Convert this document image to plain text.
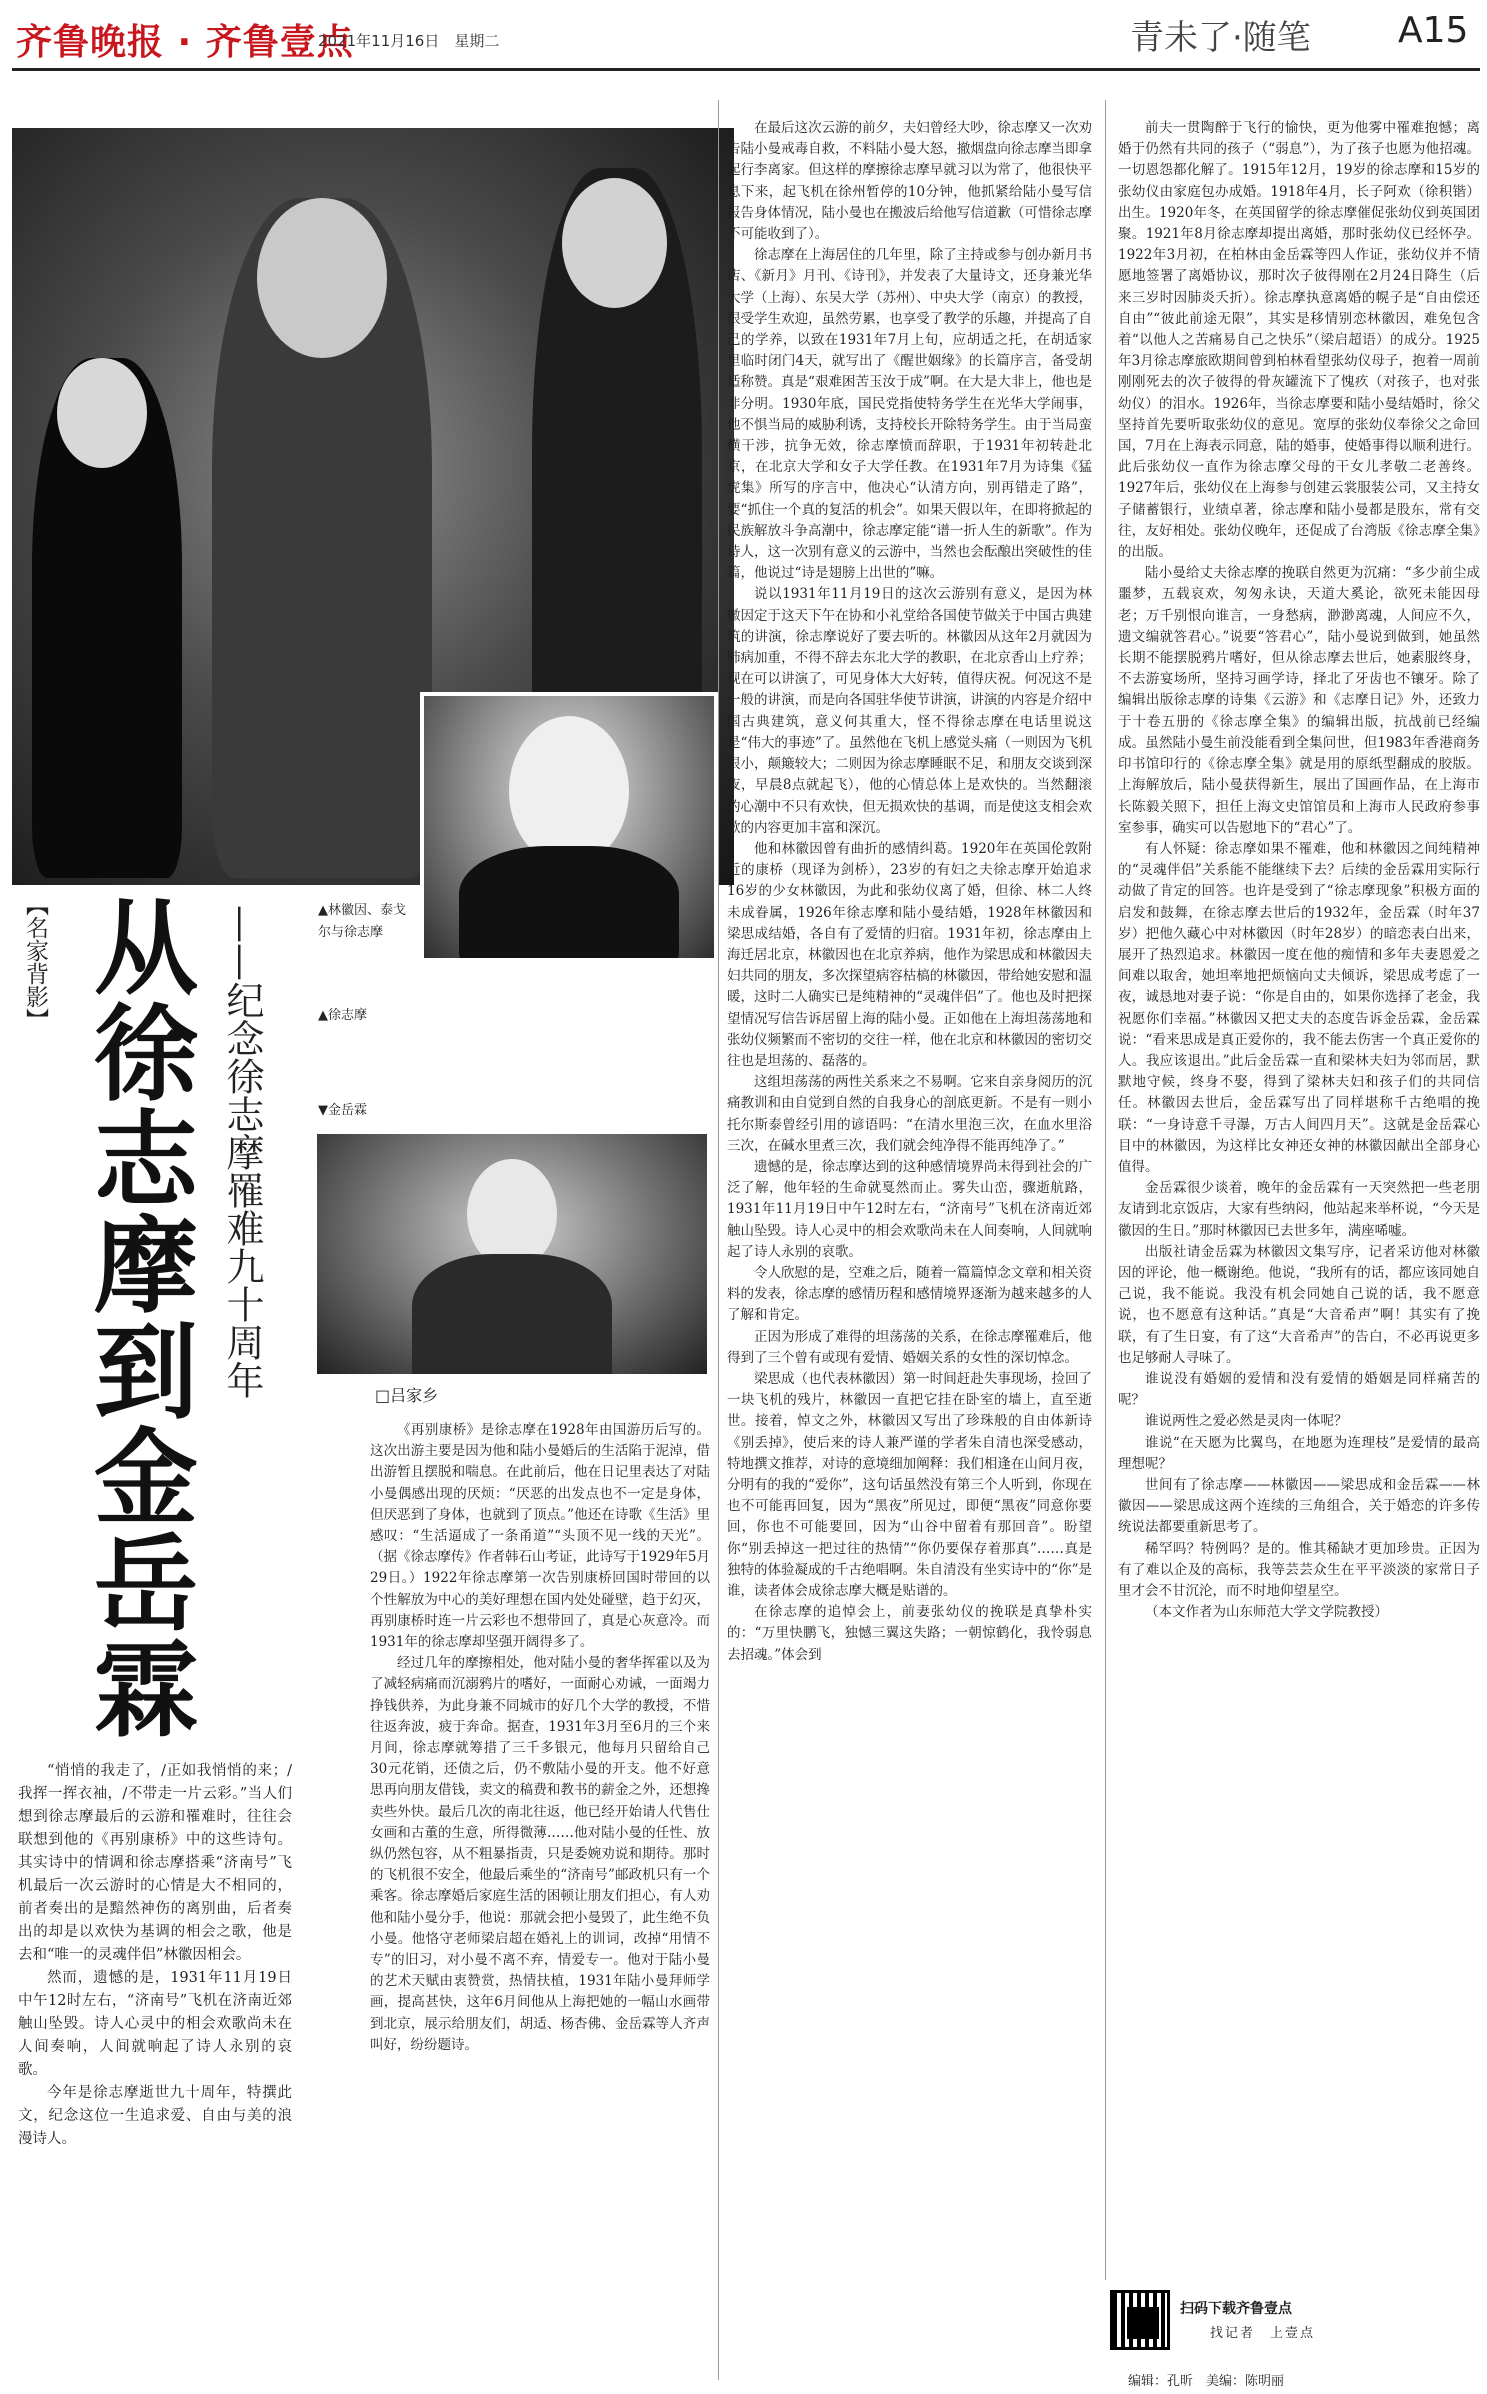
齐鲁晚报 · 齐鲁壹点
2021年11月16日　星期二	青未了·随笔 A15
▲林徽因、泰戈尔与徐志摩
▲徐志摩
▼金岳霖
【名家背影】 从徐志摩到金岳霖 ——纪念徐志摩罹难九十周年	□吕家乡

“悄悄的我走了，/正如我悄悄的来；/我挥一挥衣袖，/不带走一片云彩。”当人们想到徐志摩最后的云游和罹难时，往往会联想到他的《再别康桥》中的这些诗句。其实诗中的情调和徐志摩搭乘“济南号”飞机最后一次云游时的心情是大不相同的，前者奏出的是黯然神伤的离别曲，后者奏出的却是以欢快为基调的相会之歌，他是去和“唯一的灵魂伴侣”林徽因相会。

然而，遗憾的是，1931年11月19日中午12时左右，“济南号”飞机在济南近郊触山坠毁。诗人心灵中的相会欢歌尚未在人间奏响，人间就响起了诗人永别的哀歌。

今年是徐志摩逝世九十周年，特撰此文，纪念这位一生追求爱、自由与美的浪漫诗人。

《再别康桥》是徐志摩在1928年由国游历后写的。这次出游主要是因为他和陆小曼婚后的生活陷于泥淖，借出游暂且摆脱和喘息。在此前后，他在日记里表达了对陆小曼偶感出现的厌烦：“厌恶的出发点也不一定是身体，但厌恶到了身体，也就到了顶点。”他还在诗歌《生活》里感叹：“生活逼成了一条甬道”“头顶不见一线的天光”。（据《徐志摩传》作者韩石山考证，此诗写于1929年5月29日。）1922年徐志摩第一次告别康桥回国时带回的以个性解放为中心的美好理想在国内处处碰壁，趋于幻灭，再别康桥时连一片云彩也不想带回了，真是心灰意冷。而1931年的徐志摩却坚强开阔得多了。

经过几年的摩擦相处，他对陆小曼的奢华挥霍以及为了减轻病痛而沉溺鸦片的嗜好，一面耐心劝诫，一面竭力挣钱供养，为此身兼不同城市的好几个大学的教授，不惜往返奔波，疲于奔命。据查，1931年3月至6月的三个来月间，徐志摩就筹措了三千多银元，他每月只留给自己30元花销，还债之后，仍不敷陆小曼的开支。他不好意思再向朋友借钱，卖文的稿费和教书的薪金之外，还想搀卖些外快。最后几次的南北往返，他已经开始请人代售仕女画和古董的生意，所得微薄……他对陆小曼的任性、放纵仍然包容，从不粗暴指责，只是委婉劝说和期待。那时的飞机很不安全，他最后乘坐的“济南号”邮政机只有一个乘客。徐志摩婚后家庭生活的困顿让朋友们担心，有人劝他和陆小曼分手，他说：那就会把小曼毁了，此生绝不负小曼。他恪守老师梁启超在婚礼上的训词，改掉“用情不专”的旧习，对小曼不离不弃，情爱专一。他对于陆小曼的艺术天赋由衷赞赏，热情扶植，1931年陆小曼拜师学画，提高甚快，这年6月间他从上海把她的一幅山水画带到北京，展示给朋友们，胡适、杨杏佛、金岳霖等人齐声叫好，纷纷题诗。

在最后这次云游的前夕，夫妇曾经大吵，徐志摩又一次劝告陆小曼戒毒自救，不料陆小曼大怒，撤烟盘向徐志摩当即拿起行李离家。但这样的摩擦徐志摩早就习以为常了，他很快平息下来，起飞机在徐州暂停的10分钟，他抓紧给陆小曼写信报告身体情况，陆小曼也在搬波后给他写信道歉（可惜徐志摩不可能收到了）。

徐志摩在上海居住的几年里，除了主持或参与创办新月书店、《新月》月刊、《诗刊》，并发表了大量诗文，还身兼光华大学（上海）、东吴大学（苏州）、中央大学（南京）的教授，很受学生欢迎，虽然劳累，也享受了教学的乐趣，并提高了自己的学养，以致在1931年7月上旬，应胡适之托，在胡适家里临时闭门4天，就写出了《醒世姻缘》的长篇序言，备受胡适称赞。真是“艰难困苦玉汝于成”啊。在大是大非上，他也是非分明。1930年底，国民党指使特务学生在光华大学闹事，他不惧当局的威胁利诱，支持校长开除特务学生。由于当局蛮横干涉，抗争无效，徐志摩愤而辞职，于1931年初转赴北京，在北京大学和女子大学任教。在1931年7月为诗集《猛虎集》所写的序言中，他决心“认清方向，别再错走了路”，要“抓住一个真的复活的机会”。如果天假以年，在即将掀起的民族解放斗争高潮中，徐志摩定能“谱一折人生的新歌”。作为诗人，这一次别有意义的云游中，当然也会酝酿出突破性的佳篇，他说过“诗是翅膀上出世的”嘛。

说以1931年11月19日的这次云游别有意义，是因为林徽因定于这天下午在协和小礼堂给各国使节做关于中国古典建筑的讲演，徐志摩说好了要去听的。林徽因从这年2月就因为肺病加重，不得不辞去东北大学的教职，在北京香山上疗养；现在可以讲演了，可见身体大大好转，值得庆祝。何况这不是一般的讲演，而是向各国驻华使节讲演，讲演的内容是介绍中国古典建筑，意义何其重大，怪不得徐志摩在电话里说这是“伟大的事迹”了。虽然他在飞机上感觉头痛（一则因为飞机很小，颠簸较大；二则因为徐志摩睡眠不足，和朋友交谈到深夜，早晨8点就起飞），他的心情总体上是欢快的。当然翻滚的心潮中不只有欢快，但无损欢快的基调，而是使这支相会欢歌的内容更加丰富和深沉。

他和林徽因曾有曲折的感情纠葛。1920年在英国伦敦附近的康桥（现译为剑桥），23岁的有妇之夫徐志摩开始追求16岁的少女林徽因，为此和张幼仪离了婚，但徐、林二人终未成眷属，1926年徐志摩和陆小曼结婚，1928年林徽因和梁思成结婚，各自有了爱情的归宿。1931年初，徐志摩由上海迁居北京，林徽因也在北京养病，他作为梁思成和林徽因夫妇共同的朋友，多次探望病容枯槁的林徽因，带给她安慰和温暖，这时二人确实已是纯精神的“灵魂伴侣”了。他也及时把探望情况写信告诉居留上海的陆小曼。正如他在上海坦荡荡地和张幼仪频繁而不密切的交往一样，他在北京和林徽因的密切交往也是坦荡的、磊落的。

这组坦荡荡的两性关系来之不易啊。它来自亲身阅历的沉痛教训和由自觉到自然的自我身心的剖底更新。不是有一则小托尔斯泰曾经引用的谚语吗：“在清水里泡三次，在血水里浴三次，在碱水里煮三次，我们就会纯净得不能再纯净了。”

遗憾的是，徐志摩达到的这种感情境界尚未得到社会的广泛了解，他年轻的生命就戛然而止。雾失山峦，骤逝航路，1931年11月19日中午12时左右，“济南号”飞机在济南近郊触山坠毁。诗人心灵中的相会欢歌尚未在人间奏响，人间就响起了诗人永别的哀歌。

令人欣慰的是，空难之后，随着一篇篇悼念文章和相关资料的发表，徐志摩的感情历程和感情境界逐渐为越来越多的人了解和肯定。

正因为形成了难得的坦荡荡的关系，在徐志摩罹难后，他得到了三个曾有或现有爱情、婚姻关系的女性的深切悼念。

梁思成（也代表林徽因）第一时间赶赴失事现场，捡回了一块飞机的残片，林徽因一直把它挂在卧室的墙上，直至逝世。接着，悼文之外，林徽因又写出了珍珠般的自由体新诗《别丢掉》，使后来的诗人兼严谨的学者朱自清也深受感动，特地撰文推荐，对诗的意境细加阐释：我们相逢在山间月夜，分明有的我的“爱你”，这句话虽然没有第三个人听到，你现在也不可能再回复，因为“黑夜”所见过，即便“黑夜”同意你要回，你也不可能要回，因为“山谷中留着有那回音”。盼望你“别丢掉这一把过往的热情”“你仍要保存着那真”……真是独特的体验凝成的千古绝唱啊。朱自清没有坐实诗中的“你”是谁，读者体会成徐志摩大概是贴谱的。

在徐志摩的追悼会上，前妻张幼仪的挽联是真挚朴实的：“万里快鹏飞，独憾三翼这失路；一朝惊鹤化，我怜弱息去招魂。”体会到

前夫一贯陶醉于飞行的愉快，更为他雾中罹难抱憾；离婚于仍然有共同的孩子（“弱息”），为了孩子也愿为他招魂。一切恩怨都化解了。1915年12月，19岁的徐志摩和15岁的张幼仪由家庭包办成婚。1918年4月，长子阿欢（徐积锴）出生。1920年冬，在英国留学的徐志摩催促张幼仪到英国团聚。1921年8月徐志摩却提出离婚，那时张幼仪已经怀孕。1922年3月初，在柏林由金岳霖等四人作证，张幼仪并不情愿地签署了离婚协议，那时次子彼得刚在2月24日降生（后来三岁时因肺炎夭折）。徐志摩执意离婚的幌子是“自由偿还自由”“彼此前途无限”，其实是移情别恋林徽因，难免包含着“以他人之苦痛易自己之快乐”（梁启超语）的成分。1925年3月徐志摩旅欧期间曾到柏林看望张幼仪母子，抱着一周前刚刚死去的次子彼得的骨灰罐流下了愧疚（对孩子，也对张幼仪）的泪水。1926年，当徐志摩要和陆小曼结婚时，徐父坚持首先要听取张幼仪的意见。宽厚的张幼仪奉徐父之命回国，7月在上海表示同意，陆的婚事，使婚事得以顺利进行。此后张幼仪一直作为徐志摩父母的干女儿孝敬二老善终。1927年后，张幼仪在上海参与创建云裳服装公司，又主持女子储蓄银行，业绩卓著，徐志摩和陆小曼都是股东，常有交往，友好相处。张幼仪晚年，还促成了台湾版《徐志摩全集》的出版。

陆小曼给丈夫徐志摩的挽联自然更为沉痛：“多少前尘成噩梦，五载哀欢，匆匆永诀，天道大奚论，欲死未能因母老；万千别恨向谁言，一身愁病，渺渺离魂，人间应不久，遗文编就答君心。”说要“答君心”，陆小曼说到做到，她虽然长期不能摆脱鸦片嗜好，但从徐志摩去世后，她素服终身，不去游宴场所，坚持习画学诗，择北了牙齿也不镶牙。除了编辑出版徐志摩的诗集《云游》和《志摩日记》外，还致力于十卷五册的《徐志摩全集》的编辑出版，抗战前已经编成。虽然陆小曼生前没能看到全集问世，但1983年香港商务印书馆印行的《徐志摩全集》就是用的原纸型翻成的胶版。上海解放后，陆小曼获得新生，展出了国画作品，在上海市长陈毅关照下，担任上海文史馆馆员和上海市人民政府参事室参事，确实可以告慰地下的“君心”了。

有人怀疑：徐志摩如果不罹难，他和林徽因之间纯精神的“灵魂伴侣”关系能不能继续下去？后续的金岳霖用实际行动做了肯定的回答。也许是受到了“徐志摩现象”积极方面的启发和鼓舞，在徐志摩去世后的1932年，金岳霖（时年37岁）把他久藏心中对林徽因（时年28岁）的暗恋表白出来，展开了热烈追求。林徽因一度在他的痴情和多年夫妻恩爱之间难以取舍，她坦率地把烦恼向丈夫倾诉，梁思成考虑了一夜，诚恳地对妻子说：“你是自由的，如果你选择了老金，我祝愿你们幸福。”林徽因又把丈夫的态度告诉金岳霖，金岳霖说：“看来思成是真正爱你的，我不能去伤害一个真正爱你的人。我应该退出。”此后金岳霖一直和梁林夫妇为邻而居，默默地守候，终身不娶，得到了梁林夫妇和孩子们的共同信任。林徽因去世后，金岳霖写出了同样堪称千古绝唱的挽联：“一身诗意千寻瀑，万古人间四月天”。这就是金岳霖心目中的林徽因，为这样比女神还女神的林徽因献出全部身心值得。

金岳霖很少谈着，晚年的金岳霖有一天突然把一些老朋友请到北京饭店，大家有些纳闷，他站起来举杯说，“今天是徽因的生日。”那时林徽因已去世多年，满座唏嘘。

出版社请金岳霖为林徽因文集写序，记者采访他对林徽因的评论，他一概谢绝。他说，“我所有的话，都应该同她自己说，我不能说。我没有机会同她自己说的话，我不愿意说，也不愿意有这种话。”真是“大音希声”啊！其实有了挽联，有了生日宴，有了这“大音希声”的告白，不必再说更多也足够耐人寻味了。

谁说没有婚姻的爱情和没有爱情的婚姻是同样痛苦的呢？

谁说两性之爱必然是灵肉一体呢？

谁说“在天愿为比翼鸟，在地愿为连理枝”是爱情的最高理想呢？

世间有了徐志摩——林徽因——梁思成和金岳霖——林徽因——梁思成这两个连续的三角组合，关于婚恋的许多传统说法都要重新思考了。

稀罕吗？特例吗？是的。惟其稀缺才更加珍贵。正因为有了难以企及的高标，我等芸芸众生在平平淡淡的家常日子里才会不甘沉沦，而不时地仰望星空。

（本文作者为山东师范大学文学院教授）

扫码下载齐鲁壹点
找记者　上壹点
编辑：孔昕　美编：陈明丽
